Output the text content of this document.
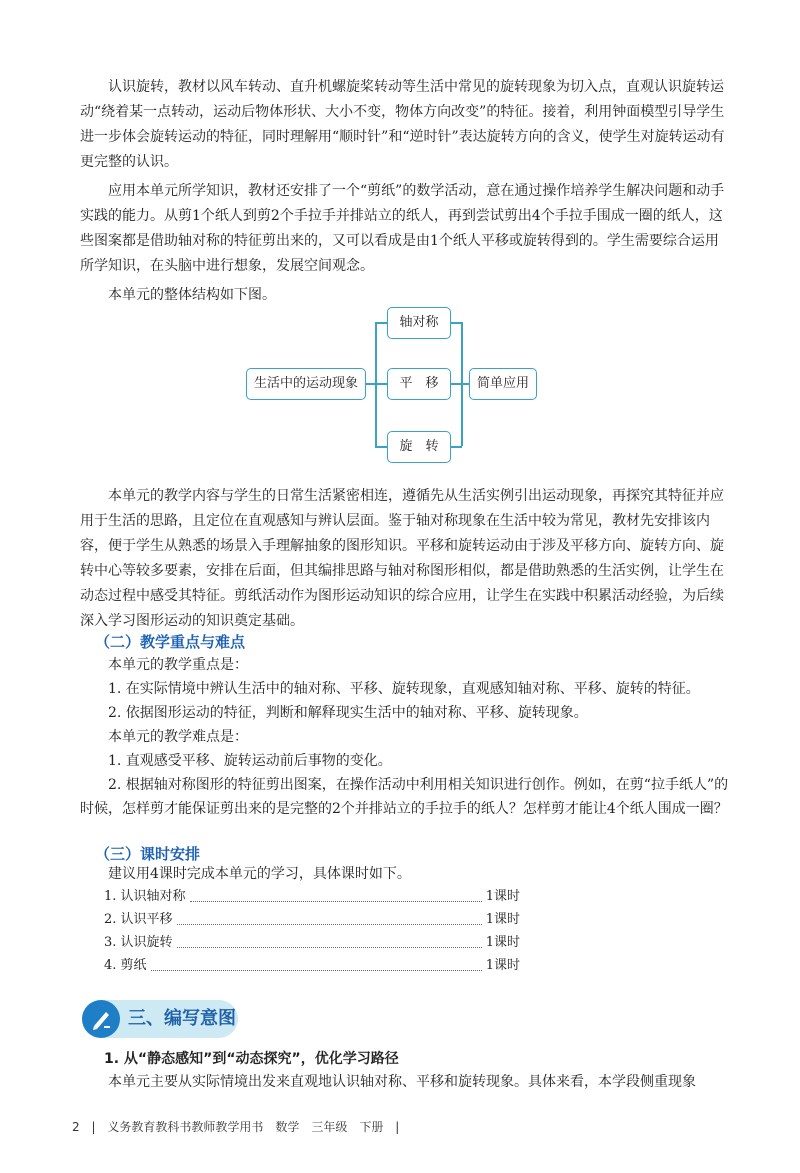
认识旋转，教材以风车转动、直升机螺旋桨转动等生活中常见的旋转现象为切入点，直观认识旋转运动“绕着某一点转动，运动后物体形状、大小不变，物体方向改变”的特征。接着，利用钟面模型引导学生进一步体会旋转运动的特征，同时理解用“顺时针”和“逆时针”表达旋转方向的含义，使学生对旋转运动有更完整的认识。

应用本单元所学知识，教材还安排了一个“剪纸”的数学活动，意在通过操作培养学生解决问题和动手实践的能力。从剪1个纸人到剪2个手拉手并排站立的纸人，再到尝试剪出4个手拉手围成一圈的纸人，这些图案都是借助轴对称的特征剪出来的，又可以看成是由1个纸人平移或旋转得到的。学生需要综合运用所学知识，在头脑中进行想象，发展空间观念。

本单元的整体结构如下图。

生活中的运动现象
轴对称
平　移
旋　转
简单应用

本单元的教学内容与学生的日常生活紧密相连，遵循先从生活实例引出运动现象，再探究其特征并应用于生活的思路，且定位在直观感知与辨认层面。鉴于轴对称现象在生活中较为常见，教材先安排该内容，便于学生从熟悉的场景入手理解抽象的图形知识。平移和旋转运动由于涉及平移方向、旋转方向、旋转中心等较多要素，安排在后面，但其编排思路与轴对称图形相似，都是借助熟悉的生活实例，让学生在动态过程中感受其特征。剪纸活动作为图形运动知识的综合应用，让学生在实践中积累活动经验，为后续深入学习图形运动的知识奠定基础。

（二）教学重点与难点

本单元的教学重点是：

1. 在实际情境中辨认生活中的轴对称、平移、旋转现象，直观感知轴对称、平移、旋转的特征。

2. 依据图形运动的特征，判断和解释现实生活中的轴对称、平移、旋转现象。

本单元的教学难点是：

1. 直观感受平移、旋转运动前后事物的变化。

2. 根据轴对称图形的特征剪出图案，在操作活动中利用相关知识进行创作。例如，在剪“拉手纸人”的时候，怎样剪才能保证剪出来的是完整的2个并排站立的手拉手的纸人？怎样剪才能让4个纸人围成一圈？

（三）课时安排

建议用4课时完成本单元的学习，具体课时如下。

1. 认识轴对称	1课时
2. 认识平移	1课时
3. 认识旋转	1课时
4. 剪纸	1课时
三、编写意图
1. 从“静态感知”到“动态探究”，优化学习路径

本单元主要从实际情境出发来直观地认识轴对称、平移和旋转现象。具体来看，本学段侧重现象

2 | 义务教育教科书教师教学用书　数学　三年级　下册 |
